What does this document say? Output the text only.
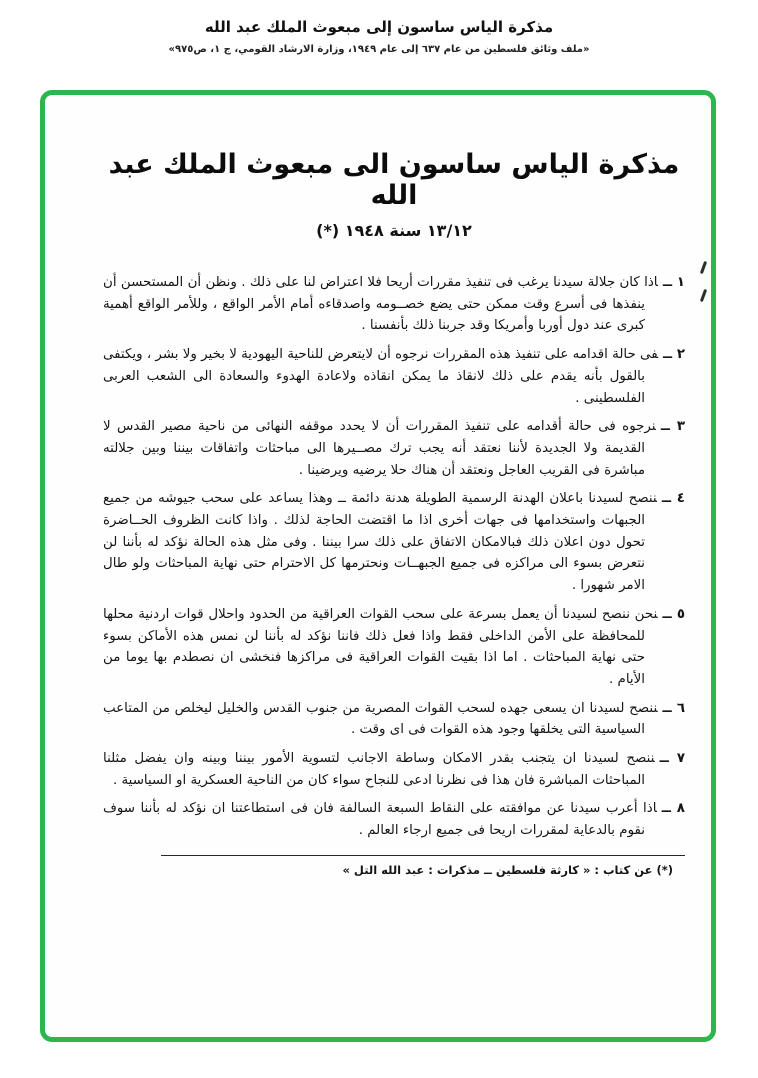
مذكرة الياس ساسون إلى مبعوث الملك عبد الله
«ملف وثائق فلسطين من عام ٦٣٧ إلى عام ١٩٤٩، وزارة الارشاد القومي، ج ١، ص٩٧٥»
مذكرة الياس ساسون الى مبعوث الملك عبد الله
١٣/١٢ سنة ١٩٤٨ (*)
١ ــاذا كان جلالة سيدنا يرغب فى تنفيذ مقررات أريحا فلا اعتراض لنا على ذلك . ونظن أن المستحسن أن ينفذها فى أسرع وقت ممكن حتى يضع خصــومه واصدقاءه أمام الأمر الواقع ، وللأمر الواقع أهمية كبرى عند دول أوربا وأمريكا وقد جربنا ذلك بأنفسنا .
٢ ــفى حالة اقدامه على تنفيذ هذه المقررات نرجوه أن لايتعرض للناحية اليهودية لا بخير ولا بشر ، ويكتفى بالقول بأنه يقدم على ذلك لانقاذ ما يمكن انقاذه ولاعادة الهدوء والسعادة الى الشعب العربى الفلسطينى .
٣ ــنرجوه فى حالة أقدامه على تنفيذ المقررات أن لا يحدد موقفه النهائى من ناحية مصير القدس لا القديمة ولا الجديدة لأننا نعتقد أنه يجب ترك مصــيرها الى مباحثات واتفاقات بيننا وبين جلالته مباشرة فى القريب العاجل ونعتقد أن هناك حلا يرضيه ويرضينا .
٤ ــننصح لسيدنا باعلان الهدنة الرسمية الطويلة هدنة دائمة ــ وهذا يساعد على سحب جيوشه من جميع الجبهات واستخدامها فى جهات أخرى اذا ما اقتضت الحاجة لذلك . واذا كانت الظروف الحــاضرة تحول دون اعلان ذلك فبالامكان الاتفاق على ذلك سرا بيننا . وفى مثل هذه الحالة نؤكد له بأننا لن نتعرض بسوء الى مراكزه فى جميع الجبهــات ونحترمها كل الاحترام حتى نهاية المباحثات ولو طال الامر شهورا .
٥ ــنحن ننصح لسيدنا أن يعمل بسرعة على سحب القوات العراقية من الحدود واحلال قوات اردنية محلها للمحافظة على الأمن الداخلى فقط واذا فعل ذلك فاننا نؤكد له بأننا لن نمس هذه الأماكن بسوء حتى نهاية المباحثات . اما اذا بقيت القوات العراقية فى مراكزها فنخشى ان نصطدم بها يوما من الأيام .
٦ ــننصح لسيدنا ان يسعى جهده لسحب القوات المصرية من جنوب القدس والخليل ليخلص من المتاعب السياسية التى يخلقها وجود هذه القوات فى اى وقت .
٧ ــننصح لسيدنا ان يتجنب بقدر الامكان وساطة الاجانب لتسوية الأمور بيننا وبينه وان يفضل مثلنا المباحثات المباشرة فان هذا فى نظرنا ادعى للنجاح سواء كان من الناحية العسكرية او السياسية .
٨ ــاذا أعرب سيدنا عن موافقته على النقاط السبعة السالفة فان فى استطاعتنا ان نؤكد له بأننا سوف نقوم بالدعاية لمقررات اريحا فى جميع ارجاء العالم .
(*) عن كتاب : « كارثة فلسطين ــ مذكرات : عبد الله التل »
